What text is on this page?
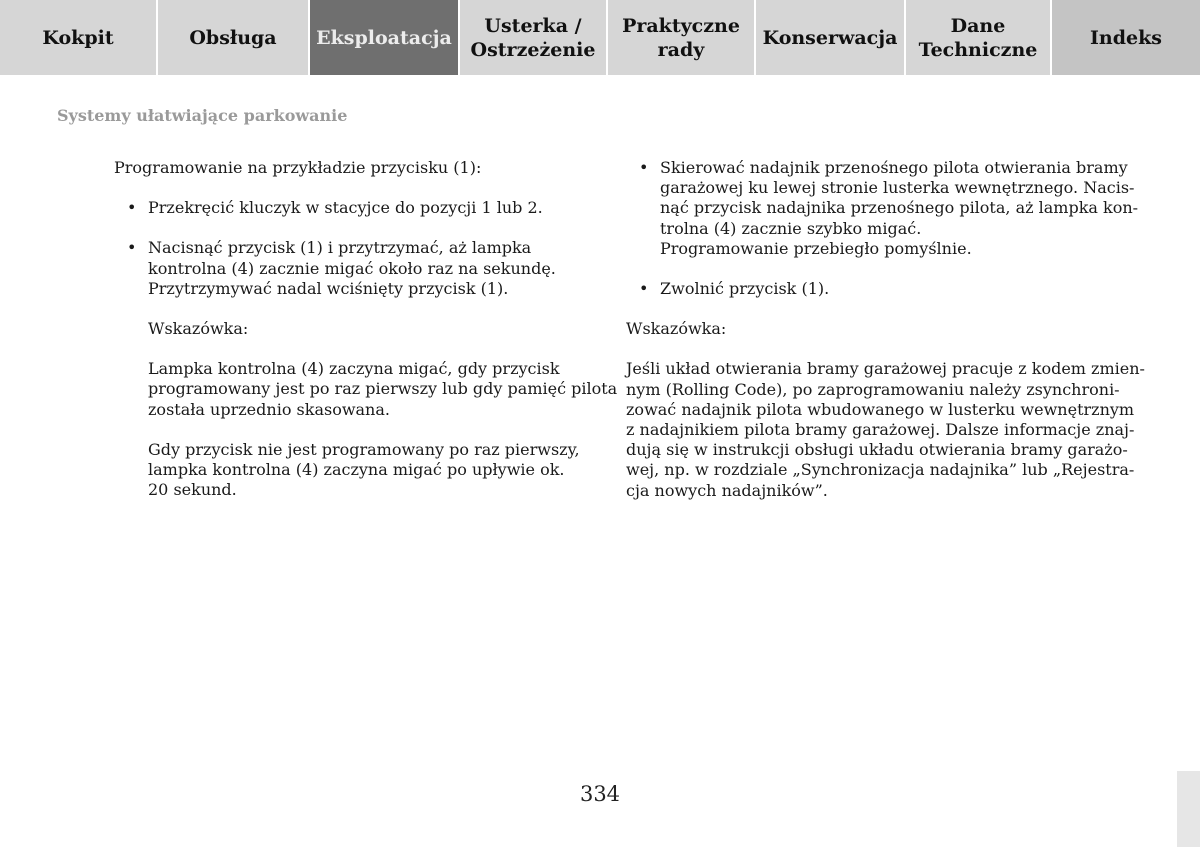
Kokpit	Obsługa Eksploatacja
Usterka /
Ostrzeżenie
Praktyczne
rady
Konserwacja
Dane
Techniczne
Indeks
Systemy ułatwiające parkowanie

Programowanie na przykładzie przycisku (1):

• Przekręcić kluczyk w stacyjce do pozycji 1 lub 2.
• Nacisnąć przycisk (1) i przytrzymać, aż lampka
kontrolna (4) zacznie migać około raz na sekundę.
Przytrzymywać nadal wciśnięty przycisk (1).

Wskazówka:

Lampka kontrolna (4) zaczyna migać, gdy przycisk
programowany jest po raz pierwszy lub gdy pamięć pilota
została uprzednio skasowana.

Gdy przycisk nie jest programowany po raz pierwszy,
lampka kontrolna (4) zaczyna migać po upływie ok.
20 sekund.

• Skierować nadajnik przenośnego pilota otwierania bramy
garażowej ku lewej stronie lusterka wewnętrznego. Nacis-
nąć przycisk nadajnika przenośnego pilota, aż lampka kon-
trolna (4) zacznie szybko migać.
Programowanie przebiegło pomyślnie.
• Zwolnić przycisk (1).

Wskazówka:

Jeśli układ otwierania bramy garażowej pracuje z kodem zmien-
nym (Rolling Code), po zaprogramowaniu należy zsynchroni-
zować nadajnik pilota wbudowanego w lusterku wewnętrznym
z nadajnikiem pilota bramy garażowej. Dalsze informacje znaj-
dują się w instrukcji obsługi układu otwierania bramy garażo-
wej, np. w rozdziale „Synchronizacja nadajnika” lub „Rejestra-
cja nowych nadajników”.

334
